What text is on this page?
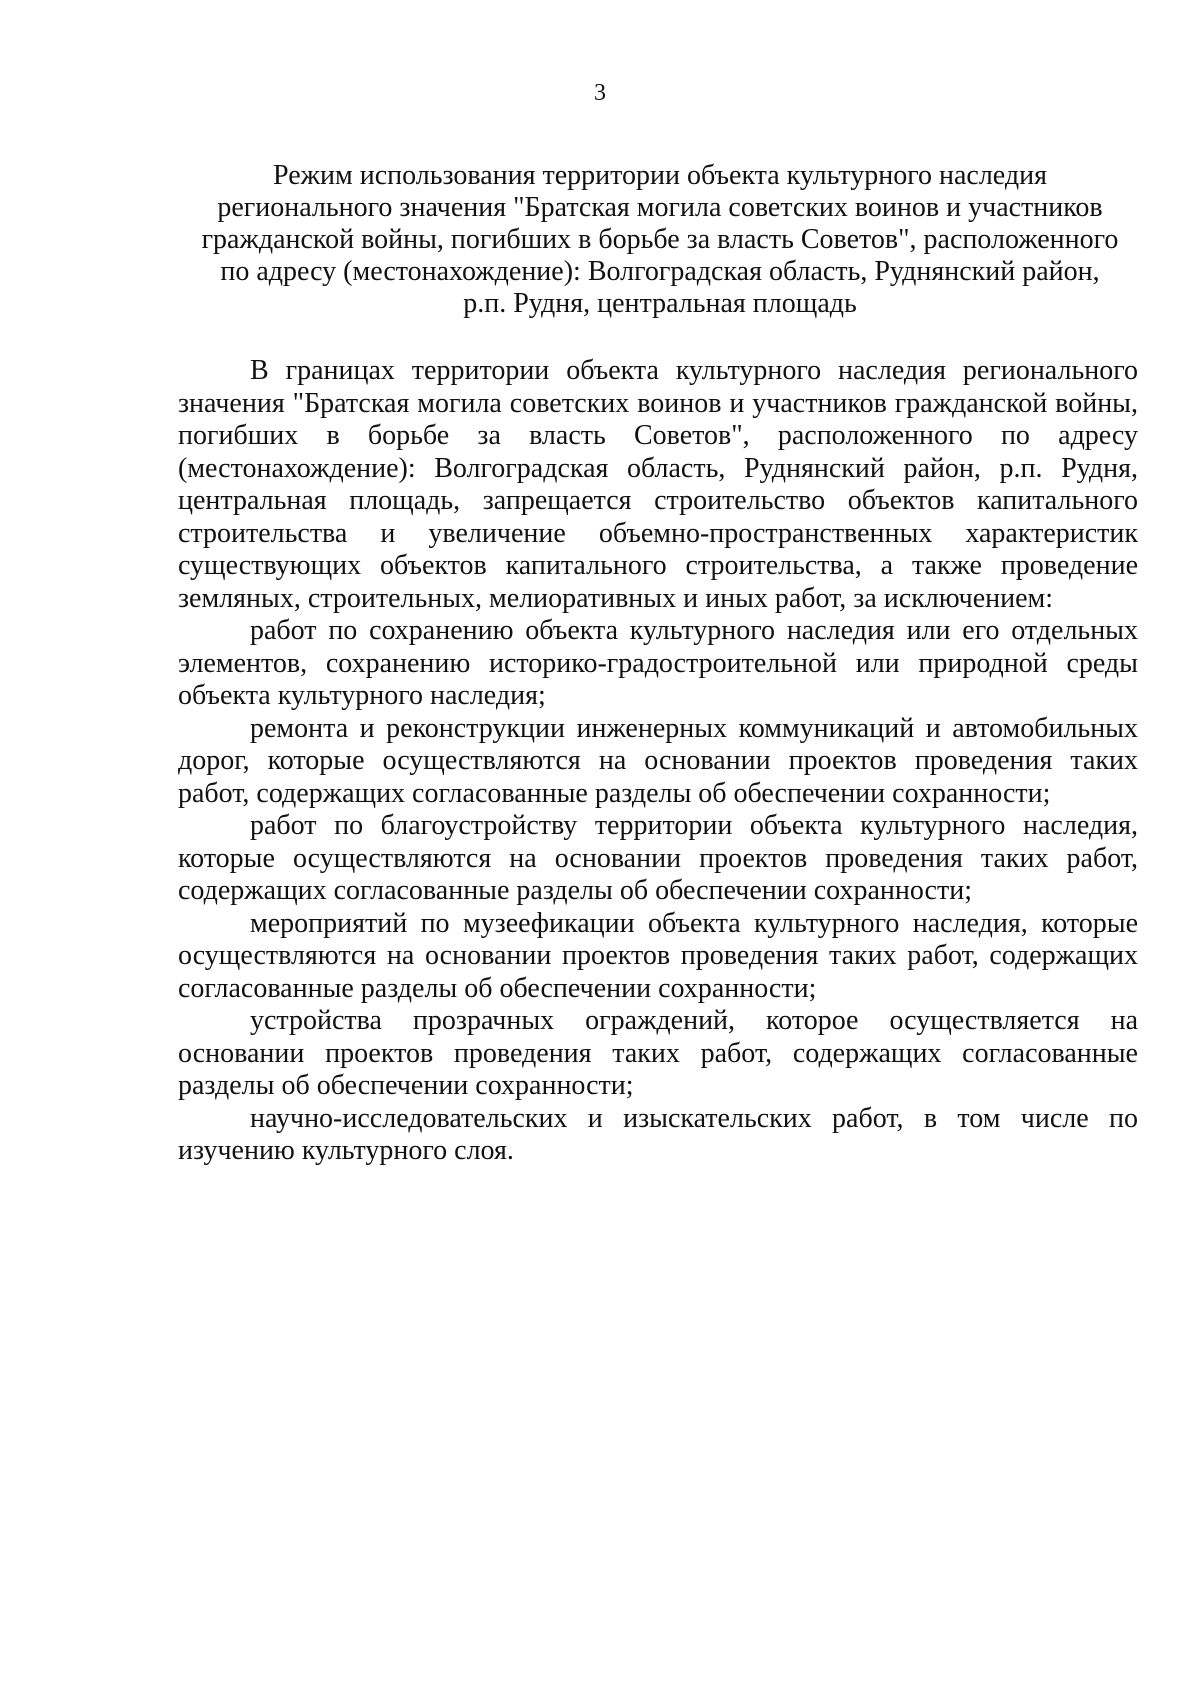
3
Режим использования территории объекта культурного наследия
регионального значения "Братская могила советских воинов и участников
гражданской войны, погибших в борьбе за власть Советов", расположенного
по адресу (местонахождение): Волгоградская область, Руднянский район,
р.п. Рудня, центральная площадь

В границах территории объекта культурного наследия регионального значения "Братская могила советских воинов и участников гражданской войны, погибших в борьбе за власть Советов", расположенного по адресу (местонахождение): Волгоградская область, Руднянский район, р.п. Рудня, центральная площадь, запрещается строительство объектов капитального строительства и увеличение объемно-пространственных характеристик существующих объектов капитального строительства, а также проведение земляных, строительных, мелиоративных и иных работ, за исключением:

работ по сохранению объекта культурного наследия или его отдельных элементов, сохранению историко-градостроительной или природной среды объекта культурного наследия;

ремонта и реконструкции инженерных коммуникаций и автомобильных дорог, которые осуществляются на основании проектов проведения таких работ, содержащих согласованные разделы об обеспечении сохранности;

работ по благоустройству территории объекта культурного наследия, которые осуществляются на основании проектов проведения таких работ, содержащих согласованные разделы об обеспечении сохранности;

мероприятий по музеефикации объекта культурного наследия, которые осуществляются на основании проектов проведения таких работ, содержащих согласованные разделы об обеспечении сохранности;

устройства прозрачных ограждений, которое осуществляется на основании проектов проведения таких работ, содержащих согласованные разделы об обеспечении сохранности;

научно-исследовательских и изыскательских работ, в том числе по изучению культурного слоя.
